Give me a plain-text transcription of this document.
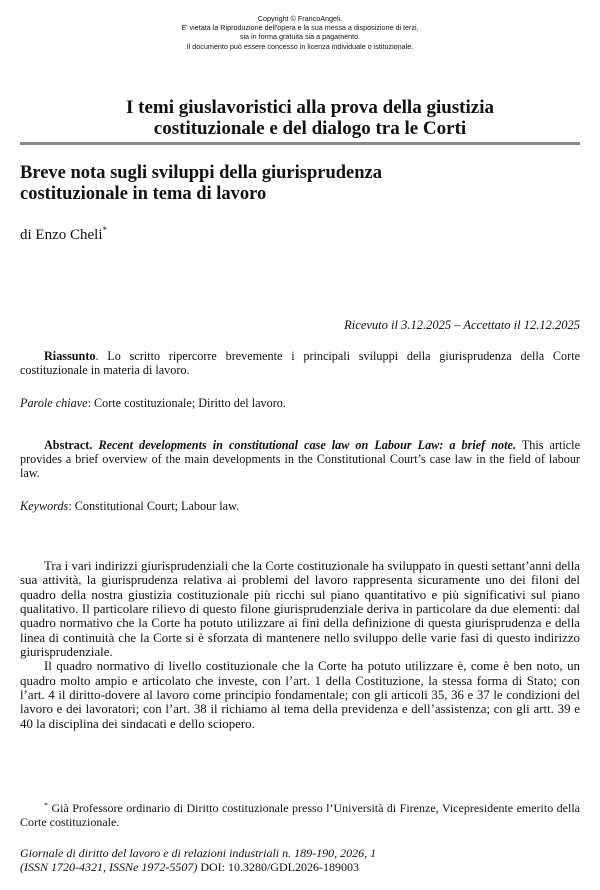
Copyright © FrancoAngeli.
E' vietata la Riproduzione dell'opera e la sua messa a disposizione di terzi,
sia in forma gratuita sia a pagamento.
Il documento può essere concesso in licenza individuale o istituzionale.
I temi giuslavoristici alla prova della giustizia
costituzionale e del dialogo tra le Corti
Breve nota sugli sviluppi della giurisprudenza
costituzionale in tema di lavoro
di Enzo Cheli*
Ricevuto il 3.12.2025 – Accettato il 12.12.2025
Riassunto. Lo scritto ripercorre brevemente i principali sviluppi della giurisprudenza della Corte costituzionale in materia di lavoro.
Parole chiave: Corte costituzionale; Diritto del lavoro.
Abstract. Recent developments in constitutional case law on Labour Law: a brief note. This article provides a brief overview of the main developments in the Constitutional Court’s case law in the field of labour law.
Keywords: Constitutional Court; Labour law.

Tra i vari indirizzi giurisprudenziali che la Corte costituzionale ha sviluppato in questi settant’anni della sua attività, la giurisprudenza relativa ai problemi del lavoro rappresenta sicuramente uno dei filoni del quadro della nostra giustizia costituzionale più ricchi sul piano quantitativo e più significativi sul piano qualitativo. Il particolare rilievo di questo filone giurisprudenziale deriva in particolare da due elementi: dal quadro normativo che la Corte ha potuto utilizzare ai fini della definizione di questa giurisprudenza e della linea di continuità che la Corte si è sforzata di mantenere nello sviluppo delle varie fasi di questo indirizzo giurisprudenziale.

Il quadro normativo di livello costituzionale che la Corte ha potuto utilizzare è, come è ben noto, un quadro molto ampio e articolato che investe, con l’art. 1 della Costituzione, la stessa forma di Stato; con l’art. 4 il diritto-dovere al lavoro come principio fondamentale; con gli articoli 35, 36 e 37 le condizioni del lavoro e dei lavoratori; con l’art. 38 il richiamo al tema della previdenza e dell’assistenza; con gli artt. 39 e 40 la disciplina dei sindacati e dello sciopero.

* Già Professore ordinario di Diritto costituzionale presso l’Università di Firenze, Vicepresidente emerito della Corte costituzionale.
Giornale di diritto del lavoro e di relazioni industriali n. 189-190, 2026, 1
(ISSN 1720-4321, ISSNe 1972-5507) DOI: 10.3280/GDL2026-189003
